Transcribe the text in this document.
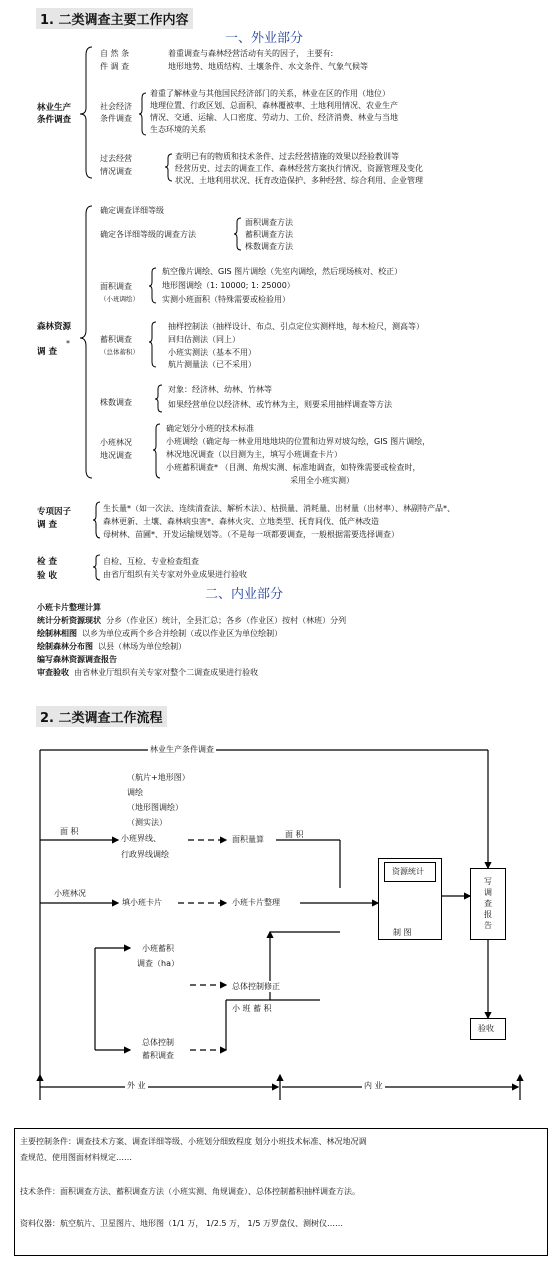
1. 二类调查主要工作内容
一、外业部分
林业生产
条件调查
自 然 条
件 调 查
着重调查与森林经营活动有关的因子， 主要有:
地形地势、地质结构、土壤条件、水文条件、气象气候等
社会经济
条件调查
着重了解林业与其他国民经济部门的关系，林业在区的作用（地位）
地理位置、行政区划、总面积、森林覆被率、土地利用情况、农业生产
情况、交通、运输、人口密度、劳动力、工价、经济消费、林业与当地
生态环境的关系
过去经营
情况调查
查明已有的物质和技术条件、过去经营措施的效果以经验教训等
经营历史、过去的调查工作、森林经营方案执行情况、资源管理及变化
状况、土地利用状况、抚育改造保护、多种经营、综合利用、企业管理
森林资源
调 查
*
确定调查详细等级
确定各详细等级的调查方法
面积调查方法
蓄积调查方法
株数调查方法
面积调查
（小班调绘）
航空像片调绘、GIS 图片调绘（先室内调绘，然后现场核对、校正）
地形图调绘（1: 10000; 1: 25000）
实测小班面积（特殊需要或检验用）
蓄积调查
（总体蓄积）
抽样控制法（抽样设计、布点、引点定位实测样地，每木检尺，测高等）
回归估测法（同上）
小班实测法（基本不用）
航片测量法（已不采用）
株数调查
对象：经济林、幼林、竹林等
如果经营单位以经济林、或竹林为主，则要采用抽样调查等方法
小班林况
地况调查
确定划分小班的技术标准
小班调绘（确定每一林业用地地块的位置和边界对坡勾绘，GIS 图片调绘，
林况地况调查（以目测为主，填写小班调查卡片）
小班蓄积调查* （目测、角规实测、标准地调查，如特殊需要或检查时，
采用全小班实测）
专项因子
调 查
生长量*（如一次法、连续清查法、解析木法）、枯损量、消耗量、出材量（出材率）、林副特产品*、
森林更新、土壤、森林病虫害*、森林火灾、立地类型、抚育间伐、低产林改造
母树林、苗圃*、开发运输规划等。（不是每一项都要调查，一般根据需要选择调查）
检 查
验 收
自检、互检、专业检查组查
由省厅组织有关专家对外业成果进行验收
二、内业部分
小班卡片整理计算
统计分析资源现状 分乡（作业区）统计，全县汇总；各乡（作业区）按村（林班）分列
绘制林相图 以乡为单位或两个乡合并绘制（或以作业区为单位绘制）
绘制森林分布图 以县（林场为单位绘制）
编写森林资源调查报告
审查验收 由省林业厅组织有关专家对整个二调查成果进行验收
2. 二类调查工作流程
林业生产条件调查
面 积
（航片+地形图）
调绘
（地形图调绘）
（测实法）
小班界线、
行政界线调绘
面积量算
面 积
小班林况
填小班卡片	小班卡片整理
小班蓄积
调查（ha）
总体控制修正
小 班 蓄 积
总体控制
蓄积调查
资源统计
制 图
写
调
查
报
告
验收
外 业	内 业
主要控制条件：调查技术方案、调查详细等级、小班划分细致程度 划分小班技术标准、林况地况调
查规范、使用图面材料规定……
技术条件：面积调查方法、蓄积调查方法（小班实测、角规调查）、总体控制蓄积抽样调查方法。
资料仪器：航空航片、卫星图片、地形图（1/1 万， 1/2.5 万， 1/5 万罗盘仪、测树仪……
